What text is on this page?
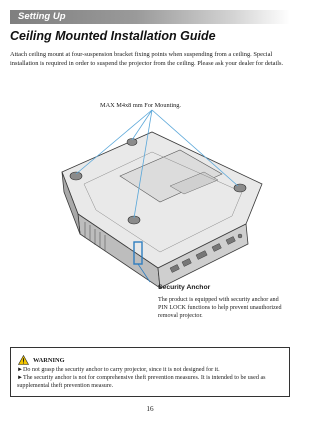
Setting Up
Ceiling Mounted Installation Guide

Attach ceiling mount at four-suspension bracket fixing points when suspending from a ceiling. Special installation is required in order to suspend the projector from the ceiling. Please ask your dealer for details.

MAX M4x8 mm For Mounting.
Security Anchor

The product is equipped with security anchor and PIN LOCK functions to help prevent unauthorized removal projector.

WARNING
►Do not grasp the security anchor to carry projector, since it is not designed for it.
►The security anchor is not for comprehensive theft prevention measures. It is intended to be used as supplemental theft prevention measure.
16
